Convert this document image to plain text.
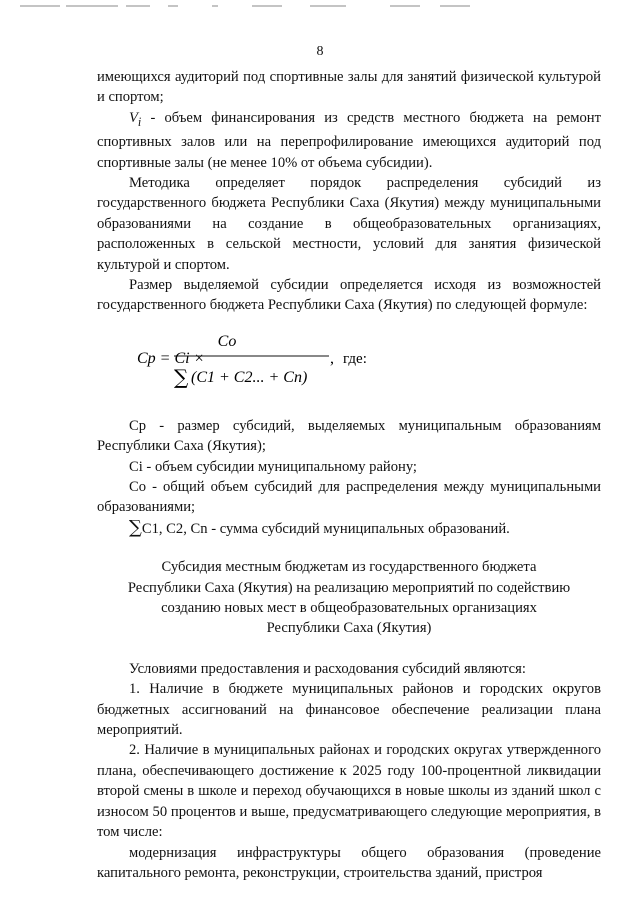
8

имеющихся аудиторий под спортивные залы для занятий физической культурой и спортом;

$V_i$ - объем финансирования из средств местного бюджета на ремонт спортивных залов или на перепрофилирование имеющихся аудиторий под спортивные залы (не менее 10% от объема субсидии).

Методика определяет порядок распределения субсидий из государственного бюджета Республики Саха (Якутия) между муниципальными образованиями на создание в общеобразовательных организациях, расположенных в сельской местности, условий для занятия физической культурой и спортом.

Размер выделяемой субсидии определяется исходя из возможностей государственного бюджета Республики Саха (Якутия) по следующей формуле:

Cp = Ci ×
Co
∑ (C1 + C2... + Cn)
, где:

Ср - размер субсидий, выделяемых муниципальным образованиям Республики Саха (Якутия);

Ci - объем субсидии муниципальному району;

Со - общий объем субсидий для распределения между муниципальными образованиями;

∑C1, C2, Cn - сумма субсидий муниципальных образований.

Субсидия местным бюджетам из государственного бюджета
Республики Саха (Якутия) на реализацию мероприятий по содействию
созданию новых мест в общеобразовательных организациях
Республики Саха (Якутия)

Условиями предоставления и расходования субсидий являются:

1. Наличие в бюджете муниципальных районов и городских округов бюджетных ассигнований на финансовое обеспечение реализации плана мероприятий.

2. Наличие в муниципальных районах и городских округах утвержденного плана, обеспечивающего достижение к 2025 году 100-процентной ликвидации второй смены в школе и переход обучающихся в новые школы из зданий школ с износом 50 процентов и выше, предусматривающего следующие мероприятия, в том числе:

модернизация инфраструктуры общего образования (проведение капитального ремонта, реконструкции, строительства зданий, пристроя
